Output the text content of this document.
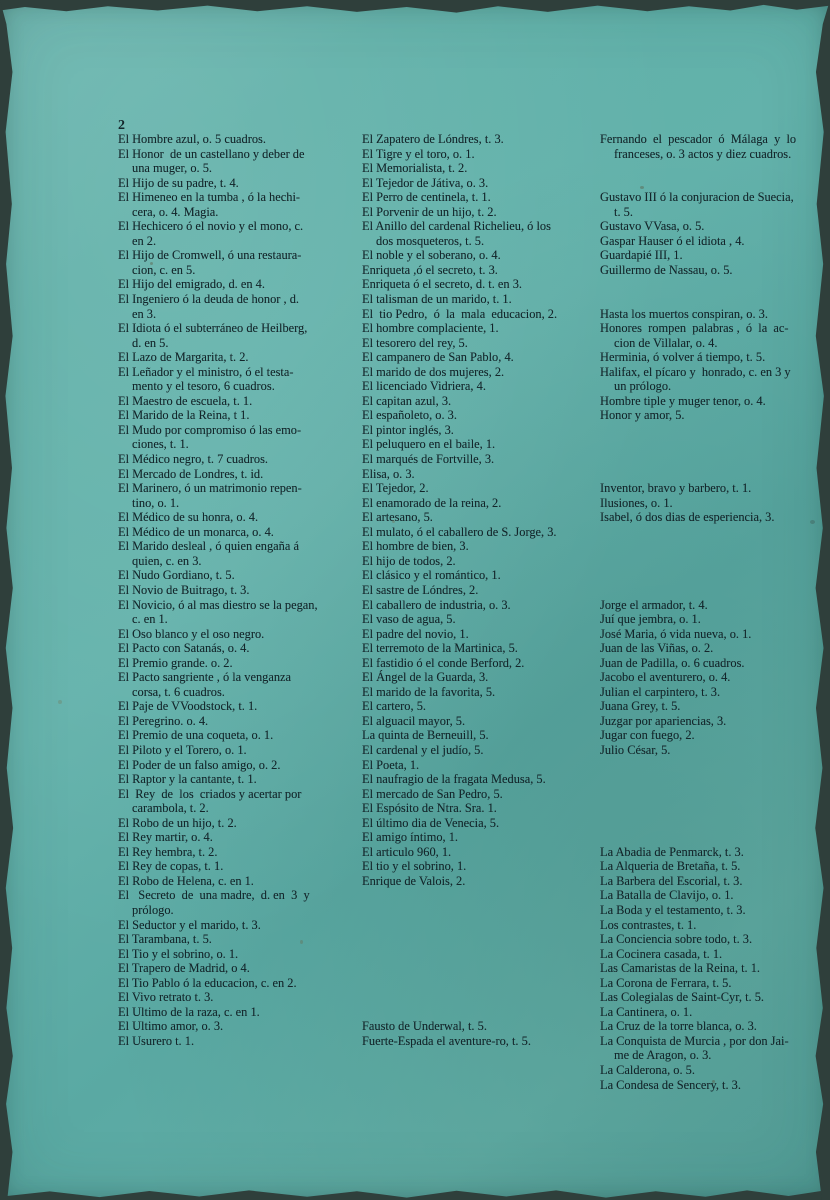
2
El Hombre azul, o. 5 cuadros.
El Honor  de un castellano y deber de
una muger, o. 5.
El Hijo de su padre, t. 4.
El Himeneo en la tumba , ó la hechi-
cera, o. 4. Magia.
El Hechicero ó el novio y el mono, c.
en 2.
El Hijo de Cromwell, ó una restaura-
cion, c. en 5.
El Hijo del emigrado, d. en 4.
El Ingeniero ó la deuda de honor , d.
en 3.
El Idiota ó el subterráneo de Heilberg,
d. en 5.
El Lazo de Margarita, t. 2.
El Leñador y el ministro, ó el testa-
mento y el tesoro, 6 cuadros.
El Maestro de escuela, t. 1.
El Marido de la Reina, t 1.
El Mudo por compromiso ó las emo-
ciones, t. 1.
El Médico negro, t. 7 cuadros.
El Mercado de Londres, t. id.
El Marinero, ó un matrimonio repen-
tino, o. 1.
El Médico de su honra, o. 4.
El Médico de un monarca, o. 4.
El Marido desleal , ó quien engaña á
quien, c. en 3.
El Nudo Gordiano, t. 5.
El Novio de Buitrago, t. 3.
El Novicio, ó al mas diestro se la pegan,
c. en 1.
El Oso blanco y el oso negro.
El Pacto con Satanás, o. 4.
El Premio grande. o. 2.
El Pacto sangriente , ó la venganza
corsa, t. 6 cuadros.
El Paje de VVoodstock, t. 1.
El Peregrino. o. 4.
El Premio de una coqueta, o. 1.
El Piloto y el Torero, o. 1.
El Poder de un falso amigo, o. 2.
El Raptor y la cantante, t. 1.
El  Rey  de  los  criados y acertar por
carambola, t. 2.
El Robo de un hijo, t. 2.
El Rey martir, o. 4.
El Rey hembra, t. 2.
El Rey de copas, t. 1.
El Robo de Helena, c. en 1.
El   Secreto  de  una madre,  d. en  3  y
prólogo.
El Seductor y el marido, t. 3.
El Tarambana, t. 5.
El Tio y el sobrino, o. 1.
El Trapero de Madrid, o 4.
El Tio Pablo ó la educacion, c. en 2.
El Vivo retrato t. 3.
El Ultimo de la raza, c. en 1.
El Ultimo amor, o. 3.
El Usurero t. 1.
El Zapatero de Lóndres, t. 3.
El Tigre y el toro, o. 1.
El Memorialista, t. 2.
El Tejedor de Játiva, o. 3.
El Perro de centinela, t. 1.
El Porvenir de un hijo, t. 2.
El Anillo del cardenal Richelieu, ó los
dos mosqueteros, t. 5.
El noble y el soberano, o. 4.
Enriqueta ,ó el secreto, t. 3.
Enriqueta ó el secreto, d. t. en 3.
El talisman de un marido, t. 1.
El  tio Pedro,  ó  la  mala  educacion, 2.
El hombre complaciente, 1.
El tesorero del rey, 5.
El campanero de San Pablo, 4.
El marido de dos mujeres, 2.
El licenciado Vidriera, 4.
El capitan azul, 3.
El españoleto, o. 3.
El pintor inglés, 3.
El peluquero en el baile, 1.
El marqués de Fortville, 3.
Elisa, o. 3.
El Tejedor, 2.
El enamorado de la reina, 2.
El artesano, 5.
El mulato, ó el caballero de S. Jorge, 3.
El hombre de bien, 3.
El hijo de todos, 2.
El clásico y el romántico, 1.
El sastre de Lóndres, 2.
El caballero de industria, o. 3.
El vaso de agua, 5.
El padre del novio, 1.
El terremoto de la Martinica, 5.
El fastidio ó el conde Berford, 2.
El Ángel de la Guarda, 3.
El marido de la favorita, 5.
El cartero, 5.
El alguacil mayor, 5.
La quinta de Berneuill, 5.
El cardenal y el judío, 5.
El Poeta, 1.
El naufragio de la fragata Medusa, 5.
El mercado de San Pedro, 5.
El Espósito de Ntra. Sra. 1.
El último dia de Venecia, 5.
El amigo íntimo, 1.
El articulo 960, 1.
El tio y el sobrino, 1.
Enrique de Valois, 2.
Fausto de Underwal, t. 5.
Fuerte-Espada el aventure-ro, t. 5.
Fernando  el  pescador  ó  Málaga  y  lo
franceses, o. 3 actos y diez cuadros.
Gustavo III ó la conjuracion de Suecia,
t. 5.
Gustavo VVasa, o. 5.
Gaspar Hauser ó el idiota , 4.
Guardapié III, 1.
Guillermo de Nassau, o. 5.
Hasta los muertos conspiran, o. 3.
Honores  rompen  palabras ,  ó  la  ac-
cion de Villalar, o. 4.
Herminia, ó volver á tiempo, t. 5.
Halifax, el pícaro y  honrado, c. en 3 y
un prólogo.
Hombre tiple y muger tenor, o. 4.
Honor y amor, 5.
Inventor, bravo y barbero, t. 1.
Ilusiones, o. 1.
Isabel, ó dos dias de esperiencia, 3.
Jorge el armador, t. 4.
Juí que jembra, o. 1.
José Maria, ó vida nueva, o. 1.
Juan de las Viñas, o. 2.
Juan de Padilla, o. 6 cuadros.
Jacobo el aventurero, o. 4.
Julian el carpintero, t. 3.
Juana Grey, t. 5.
Juzgar por apariencias, 3.
Jugar con fuego, 2.
Julio César, 5.
La Abadia de Penmarck, t. 3.
La Alqueria de Bretaña, t. 5.
La Barbera del Escorial, t. 3.
La Batalla de Clavijo, o. 1.
La Boda y el testamento, t. 3.
Los contrastes, t. 1.
La Conciencia sobre todo, t. 3.
La Cocinera casada, t. 1.
Las Camaristas de la Reina, t. 1.
La Corona de Ferrara, t. 5.
Las Colegialas de Saint-Cyr, t. 5.
La Cantinera, o. 1.
La Cruz de la torre blanca, o. 3.
La Conquista de Murcia , por don Jai-
me de Aragon, o. 3.
La Calderona, o. 5.
La Condesa de Sencery, t. 3.
